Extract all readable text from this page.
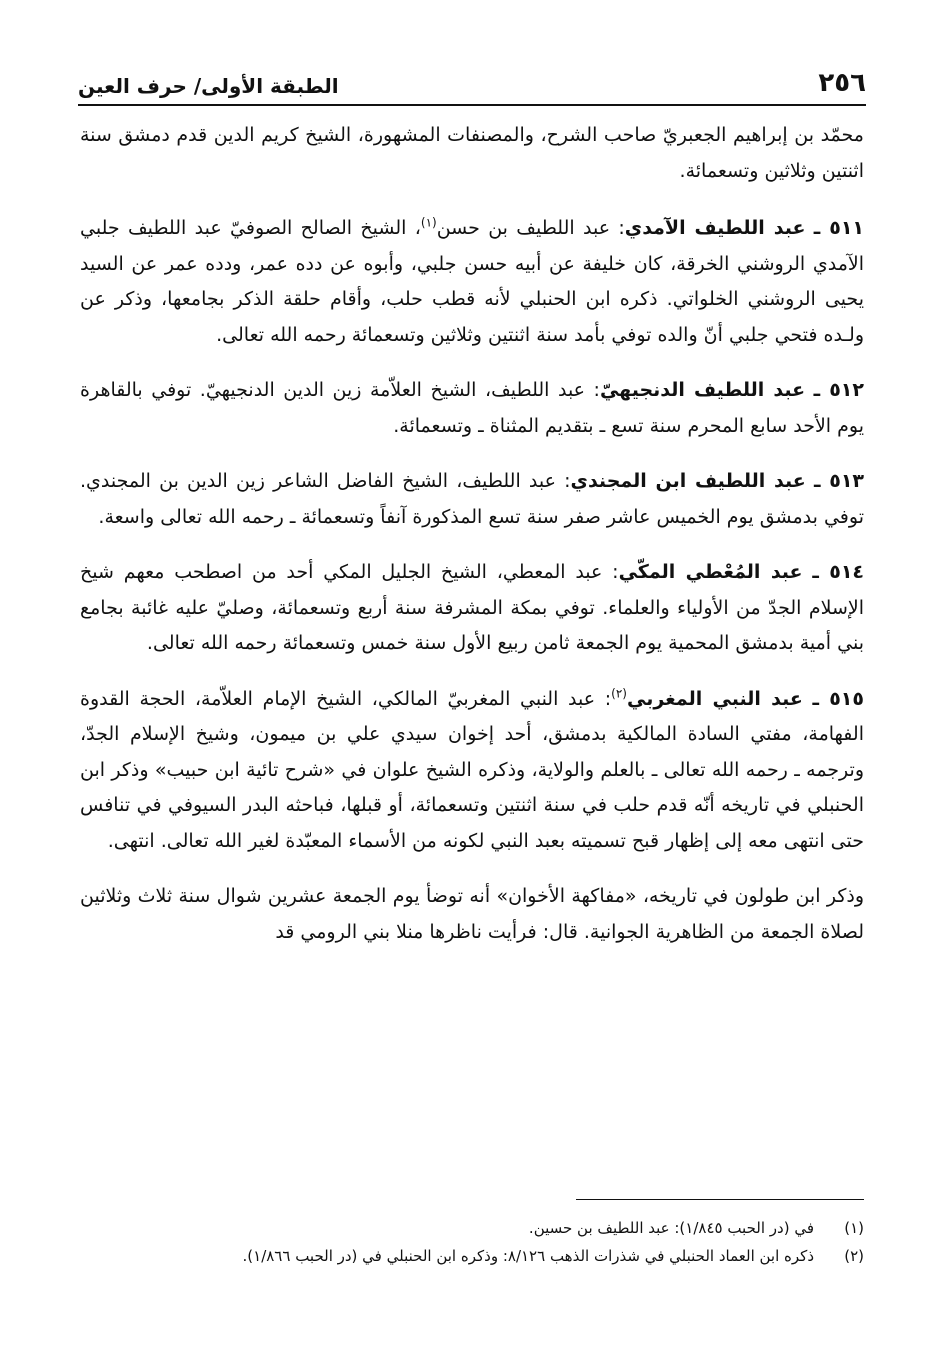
٢٥٦
الطبقة الأولى/ حرف العين

محمّد بن إبراهيم الجعبريّ صاحب الشرح، والمصنفات المشهورة، الشيخ كريم الدين قدم دمشق سنة اثنتين وثلاثين وتسعمائة.

٥١١ ـ عبد اللطيف الآمدي: عبد اللطيف بن حسن$^{(١)}$، الشيخ الصالح الصوفيّ عبد اللطيف جلبي الآمدي الروشني الخرقة، كان خليفة عن أبيه حسن جلبي، وأبوه عن دده عمر، ودده عمر عن السيد يحيى الروشني الخلواتي. ذكره ابن الحنبلي لأنه قطب حلب، وأقام حلقة الذكر بجامعها، وذكر عن ولـده فتحي جلبي أنّ والده توفي بأمد سنة اثنتين وثلاثين وتسعمائة رحمه الله تعالى.

٥١٢ ـ عبد اللطيف الدنجيهيّ: عبد اللطيف، الشيخ العلاّمة زين الدين الدنجيهيّ. توفي بالقاهرة يوم الأحد سابع المحرم سنة تسع ـ بتقديم المثناة ـ وتسعمائة.

٥١٣ ـ عبد اللطيف ابن المجندي: عبد اللطيف، الشيخ الفاضل الشاعر زين الدين بن المجندي. توفي بدمشق يوم الخميس عاشر صفر سنة تسع المذكورة آنفاً وتسعمائة ـ رحمه الله تعالى واسعة.

٥١٤ ـ عبد المُعْطي المكّي: عبد المعطي، الشيخ الجليل المكي أحد من اصطحب معهم شيخ الإسلام الجدّ من الأولياء والعلماء. توفي بمكة المشرفة سنة أربع وتسعمائة، وصليّ عليه غائبة بجامع بني أمية بدمشق المحمية يوم الجمعة ثامن ربيع الأول سنة خمس وتسعمائة رحمه الله تعالى.

٥١٥ ـ عبد النبي المغربي$^{(٢)}$: عبد النبي المغربيّ المالكي، الشيخ الإمام العلاّمة، الحجة القدوة الفهامة، مفتي السادة المالكية بدمشق، أحد إخوان سيدي علي بن ميمون، وشيخ الإسلام الجدّ، وترجمه ـ رحمه الله تعالى ـ بالعلم والولاية، وذكره الشيخ علوان في «شرح تائية ابن حبيب» وذكر ابن الحنبلي في تاريخه أنّه قدم حلب في سنة اثنتين وتسعمائة، أو قبلها، فباحثه البدر السيوفي في تنافس حتى انتهى معه إلى إظهار قبح تسميته بعبد النبي لكونه من الأسماء المعبّدة لغير الله تعالى. انتهى.

وذكر ابن طولون في تاريخه، «مفاكهة الأخوان» أنه توضأ يوم الجمعة عشرين شوال سنة ثلاث وثلاثين لصلاة الجمعة من الظاهرية الجوانية. قال: فرأيت ناظرها منلا بني الرومي قد

(١)
في (در الحبب ١/٨٤٥): عبد اللطيف بن حسين.
(٢)
ذكره ابن العماد الحنبلي في شذرات الذهب ٨/١٢٦: وذكره ابن الحنبلي في (در الحبب ١/٨٦٦).
